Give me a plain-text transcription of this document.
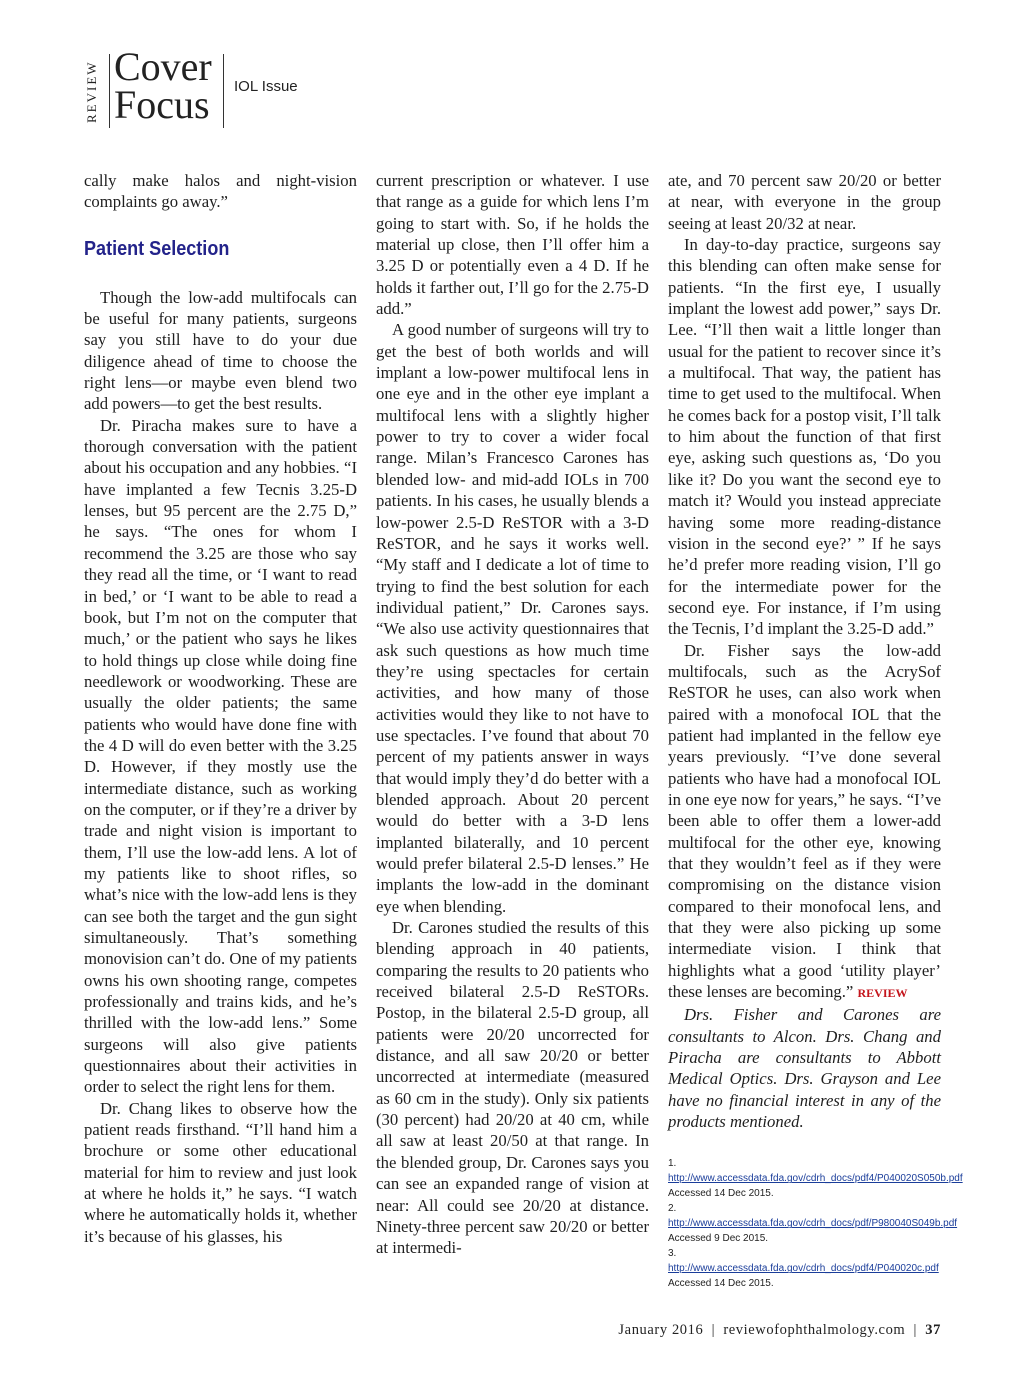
REVIEW Cover
Focus IOL Issue

cally make halos and night-vision complaints go away.”

Patient Selection

Though the low-add multifocals can be useful for many patients, surgeons say you still have to do your due diligence ahead of time to choose the right lens—or maybe even blend two add powers—to get the best results.

Dr. Piracha makes sure to have a thorough conversation with the patient about his occupation and any hobbies. “I have implanted a few Tecnis 3.25-D lenses, but 95 percent are the 2.75 D,” he says. “The ones for whom I recommend the 3.25 are those who say they read all the time, or ‘I want to read in bed,’ or ‘I want to be able to read a book, but I’m not on the computer that much,’ or the patient who says he likes to hold things up close while doing fine needlework or woodworking. These are usually the older patients; the same patients who would have done fine with the 4 D will do even better with the 3.25 D. However, if they mostly use the intermediate distance, such as working on the computer, or if they’re a driver by trade and night vision is important to them, I’ll use the low-add lens. A lot of my patients like to shoot rifles, so what’s nice with the low-add lens is they can see both the target and the gun sight simultaneously. That’s something monovision can’t do. One of my patients owns his own shooting range, competes professionally and trains kids, and he’s thrilled with the low-add lens.” Some surgeons will also give patients questionnaires about their activities in order to select the right lens for them.

Dr. Chang likes to observe how the patient reads firsthand. “I’ll hand him a brochure or some other educational material for him to review and just look at where he holds it,” he says. “I watch where he automatically holds it, whether it’s because of his glasses, his

current prescription or whatever. I use that range as a guide for which lens I’m going to start with. So, if he holds the material up close, then I’ll offer him a 3.25 D or potentially even a 4 D. If he holds it farther out, I’ll go for the 2.75-D add.”

A good number of surgeons will try to get the best of both worlds and will implant a low-power multifocal lens in one eye and in the other eye implant a multifocal lens with a slightly higher power to try to cover a wider focal range. Milan’s Francesco Carones has blended low- and mid-add IOLs in 700 patients. In his cases, he usually blends a low-power 2.5-D ReSTOR with a 3-D ReSTOR, and he says it works well. “My staff and I dedicate a lot of time to trying to find the best solution for each individual patient,” Dr. Carones says. “We also use activity questionnaires that ask such questions as how much time they’re using spectacles for certain activities, and how many of those activities would they like to not have to use spectacles. I’ve found that about 70 percent of my patients answer in ways that would imply they’d do better with a blended approach. About 20 percent would do better with a 3-D lens implanted bilaterally, and 10 percent would prefer bilateral 2.5-D lenses.” He implants the low-add in the dominant eye when blending.

Dr. Carones studied the results of this blending approach in 40 patients, comparing the results to 20 patients who received bilateral 2.5-D ReSTORs. Postop, in the bilateral 2.5-D group, all patients were 20/20 uncorrected for distance, and all saw 20/20 or better uncorrected at intermediate (measured as 60 cm in the study). Only six patients (30 percent) had 20/20 at 40 cm, while all saw at least 20/50 at that range. In the blended group, Dr. Carones says you can see an expanded range of vision at near: All could see 20/20 at distance. Ninety-three percent saw 20/20 or better at intermedi-

ate, and 70 percent saw 20/20 or better at near, with everyone in the group seeing at least 20/32 at near.

In day-to-day practice, surgeons say this blending can often make sense for patients. “In the first eye, I usually implant the lowest add power,” says Dr. Lee. “I’ll then wait a little longer than usual for the patient to recover since it’s a multifocal. That way, the patient has time to get used to the multifocal. When he comes back for a postop visit, I’ll talk to him about the function of that first eye, asking such questions as, ‘Do you like it? Do you want the second eye to match it? Would you instead appreciate having some more reading-distance vision in the second eye?’ ” If he says he’d prefer more reading vision, I’ll go for the intermediate power for the second eye. For instance, if I’m using the Tecnis, I’d implant the 3.25-D add.”

Dr. Fisher says the low-add multifocals, such as the AcrySof ReSTOR he uses, can also work when paired with a monofocal IOL that the patient had implanted in the fellow eye years previously. “I’ve done several patients who have had a monofocal IOL in one eye now for years,” he says. “I’ve been able to offer them a lower-add multifocal for the other eye, knowing that they wouldn’t feel as if they were compromising on the distance vision compared to their monofocal lens, and that they were also picking up some intermediate vision. I think that highlights what a good ‘utility player’ these lenses are becoming.” REVIEW

Drs. Fisher and Carones are consultants to Alcon. Drs. Chang and Piracha are consultants to Abbott Medical Optics. Drs. Grayson and Lee have no financial interest in any of the products mentioned.

1. http://www.accessdata.fda.gov/cdrh_docs/pdf4/P040020S050b.pdf Accessed 14 Dec 2015.
2. http://www.accessdata.fda.gov/cdrh_docs/pdf/P980040S049b.pdf Accessed 9 Dec 2015.
3. http://www.accessdata.fda.gov/cdrh_docs/pdf4/P040020c.pdf Accessed 14 Dec 2015.
January 2016 | reviewofophthalmology.com | 37
